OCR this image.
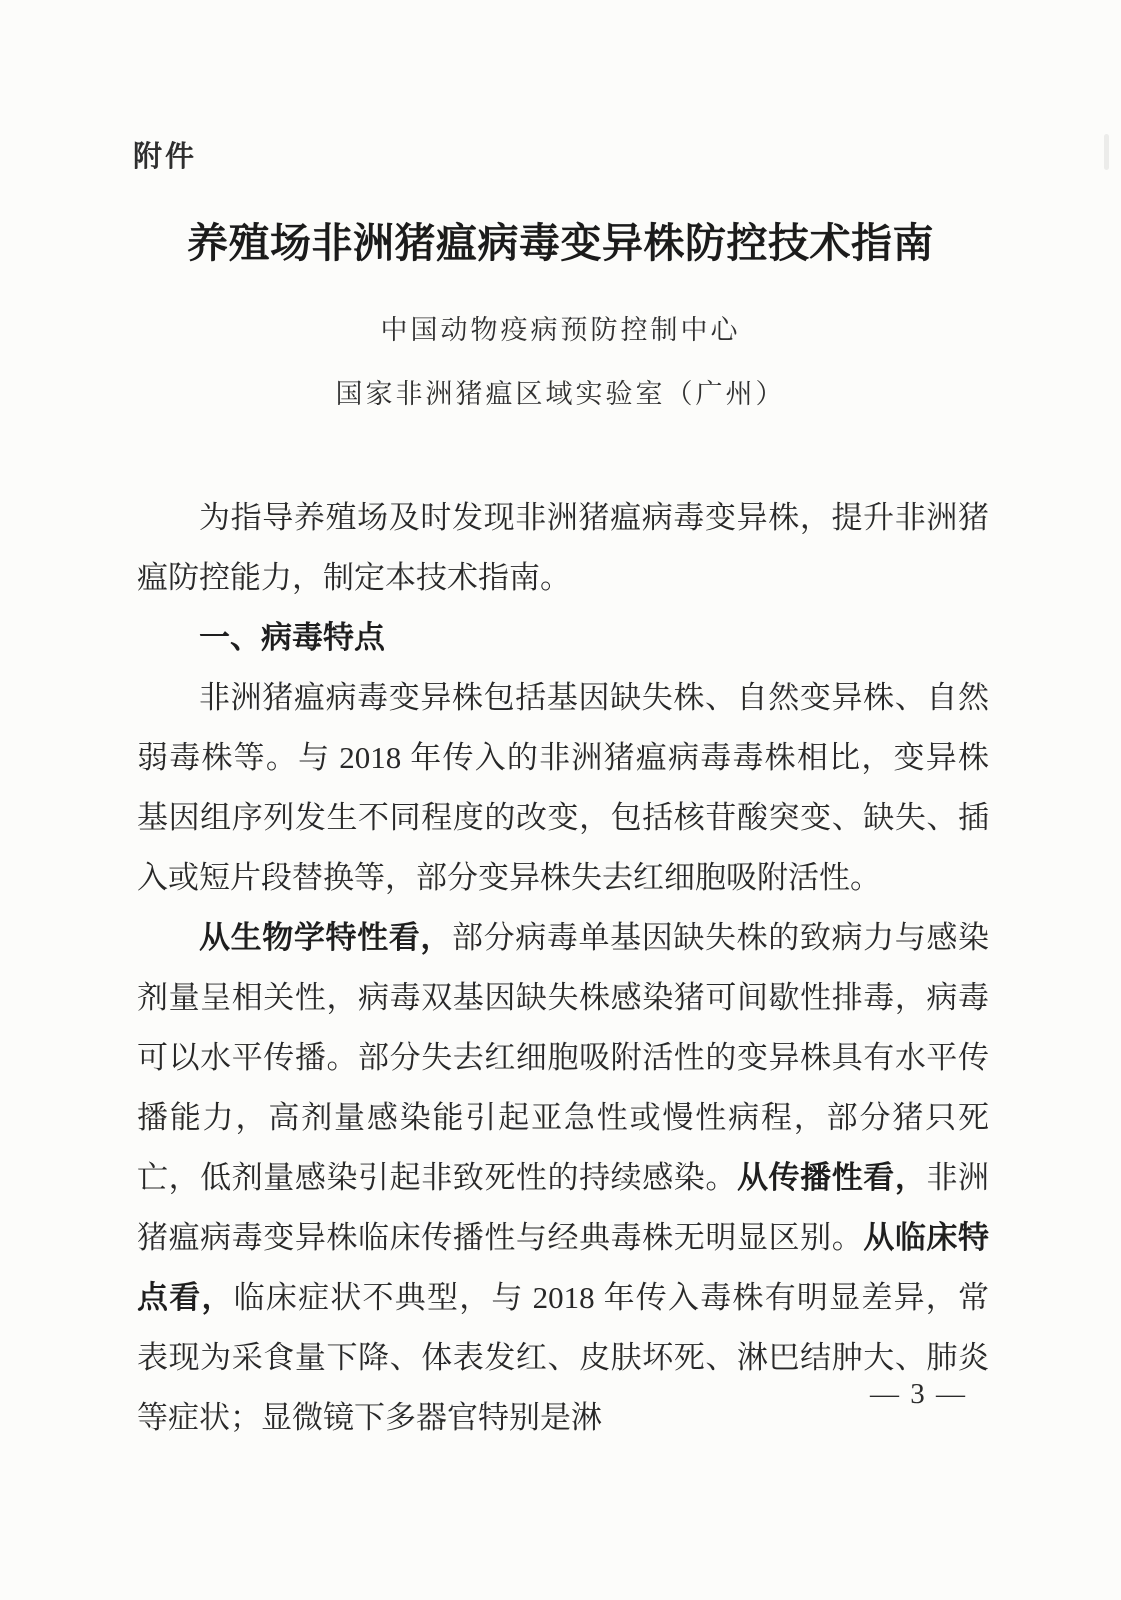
附件
养殖场非洲猪瘟病毒变异株防控技术指南
中国动物疫病预防控制中心
国家非洲猪瘟区域实验室（广州）

为指导养殖场及时发现非洲猪瘟病毒变异株，提升非洲猪瘟防控能力，制定本技术指南。

一、病毒特点

非洲猪瘟病毒变异株包括基因缺失株、自然变异株、自然弱毒株等。与 2018 年传入的非洲猪瘟病毒毒株相比，变异株基因组序列发生不同程度的改变，包括核苷酸突变、缺失、插入或短片段替换等，部分变异株失去红细胞吸附活性。

从生物学特性看，部分病毒单基因缺失株的致病力与感染剂量呈相关性，病毒双基因缺失株感染猪可间歇性排毒，病毒可以水平传播。部分失去红细胞吸附活性的变异株具有水平传播能力，高剂量感染能引起亚急性或慢性病程，部分猪只死亡，低剂量感染引起非致死性的持续感染。从传播性看，非洲猪瘟病毒变异株临床传播性与经典毒株无明显区别。从临床特点看，临床症状不典型，与 2018 年传入毒株有明显差异，常表现为采食量下降、体表发红、皮肤坏死、淋巴结肿大、肺炎等症状；显微镜下多器官特别是淋

— 3 —
